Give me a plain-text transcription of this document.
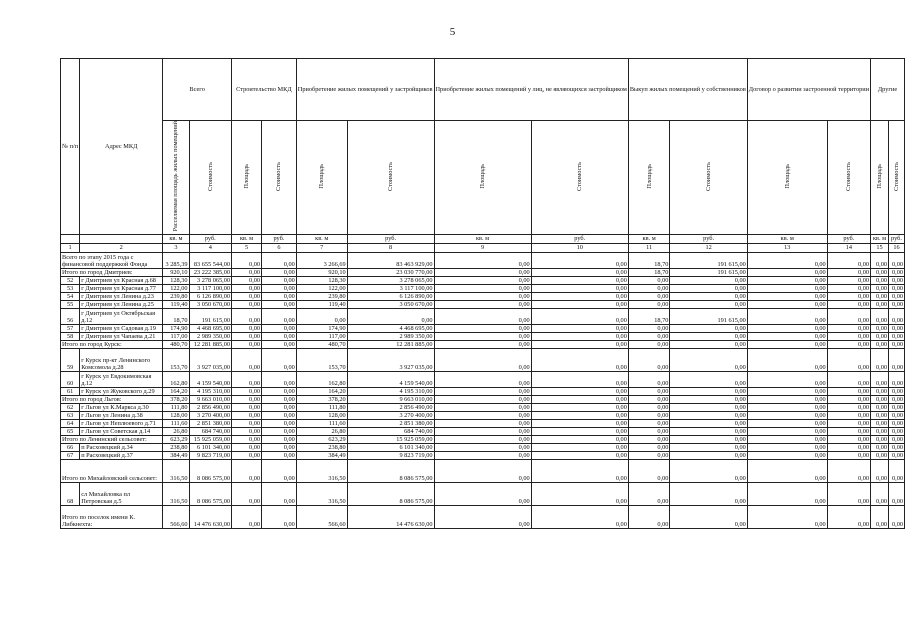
5
№ п/п	Адрес МКД	Всего		Строительство МКД		Приобретение жилых помещений у застройщиков		Приобретение жилых помещений у лиц, не являющихся застройщиком		Выкуп жилых помещений у собственников		Договор о развитии застроенной территории		Другие	
		Расселяемая площадь жилых помещений	Стоимость	Площадь	Стоимость	Площадь	Стоимость	Площадь	Стоимость	Площадь	Стоимость	Площадь	Стоимость	Площадь	Стоимость
		кв. м	руб.	кв. м	руб.	кв. м	руб.	кв. м	руб.	кв. м	руб.	кв. м	руб.	кв. м	руб.
1	2	3	4	5	6	7	8	9	10	11	12	13	14	15	16

Всего по этапу 2015 года с
финансовой поддержкой Фонда		3 285,39	83 655 544,00	0,00	0,00	3 266,69	83 463 929,00	0,00	0,00	18,70	191 615,00	0,00	0,00	0,00	0,00

Итого по город Дмитриев:		920,10	23 222 385,00	0,00	0,00	920,10	23 030 770,00	0,00	0,00	18,70	191 615,00	0,00	0,00	0,00	0,00
52	г Дмитриев ул Красная д.68	128,30	3 278 065,00	0,00	0,00	128,30	3 278 065,00	0,00	0,00	0,00	0,00	0,00	0,00	0,00	0,00
53	г Дмитриев ул Красная д.77	122,00	3 117 100,00	0,00	0,00	122,00	3 117 100,00	0,00	0,00	0,00	0,00	0,00	0,00	0,00	0,00
54	г Дмитриев ул Ленина д.23	239,80	6 126 890,00	0,00	0,00	239,80	6 126 890,00	0,00	0,00	0,00	0,00	0,00	0,00	0,00	0,00
55	г Дмитриев ул Ленина д.25	119,40	3 050 670,00	0,00	0,00	119,40	3 050 670,00	0,00	0,00	0,00	0,00	0,00	0,00	0,00	0,00
56	г Дмитриев ул Октябрьская
д.12	18,70	191 615,00	0,00	0,00	0,00	0,00	0,00	0,00	18,70	191 615,00	0,00	0,00	0,00	0,00
57	г Дмитриев ул Садовая д.19	174,90	4 468 695,00	0,00	0,00	174,90	4 468 695,00	0,00	0,00	0,00	0,00	0,00	0,00	0,00	0,00
58	г Дмитриев ул Чапаева д.21	117,00	2 989 350,00	0,00	0,00	117,00	2 989 350,00	0,00	0,00	0,00	0,00	0,00	0,00	0,00	0,00

Итого по город Курск:		480,70	12 281 885,00	0,00	0,00	480,70	12 281 885,00	0,00	0,00	0,00	0,00	0,00	0,00	0,00	0,00
59	г Курск пр-кт Ленинского
Комсомола д.28	153,70	3 927 035,00	0,00	0,00	153,70	3 927 035,00	0,00	0,00	0,00	0,00	0,00	0,00	0,00	0,00
60	г Курск ул Евдокимовская
д.12	162,80	4 159 540,00	0,00	0,00	162,80	4 159 540,00	0,00	0,00	0,00	0,00	0,00	0,00	0,00	0,00
61	г Курск ул Жуковского д.29	164,20	4 195 310,00	0,00	0,00	164,20	4 195 310,00	0,00	0,00	0,00	0,00	0,00	0,00	0,00	0,00

Итого по город Льгов:		378,20	9 663 010,00	0,00	0,00	378,20	9 663 010,00	0,00	0,00	0,00	0,00	0,00	0,00	0,00	0,00
62	г Льгов ул К.Маркса д.30	111,80	2 856 490,00	0,00	0,00	111,80	2 856 490,00	0,00	0,00	0,00	0,00	0,00	0,00	0,00	0,00
63	г Льгов ул Ленина д.38	128,00	3 270 400,00	0,00	0,00	128,00	3 270 400,00	0,00	0,00	0,00	0,00	0,00	0,00	0,00	0,00
64	г Льгов ул Неплюевого д.71	111,60	2 851 380,00	0,00	0,00	111,60	2 851 380,00	0,00	0,00	0,00	0,00	0,00	0,00	0,00	0,00
65	г Льгов ул Советская д.14	26,80	684 740,00	0,00	0,00	26,80	684 740,00	0,00	0,00	0,00	0,00	0,00	0,00	0,00	0,00

Итого по Ленинский сельсовет:		623,29	15 925 059,00	0,00	0,00	623,29	15 925 059,00	0,00	0,00	0,00	0,00	0,00	0,00	0,00	0,00
66	п Расховецкий д.34	238,80	6 101 340,00	0,00	0,00	238,80	6 101 340,00	0,00	0,00	0,00	0,00	0,00	0,00	0,00	0,00
67	п Расховецкий д.37	384,49	9 823 719,00	0,00	0,00	384,49	9 823 719,00	0,00	0,00	0,00	0,00	0,00	0,00	0,00	0,00

Итого по Михайловский сельсовет:		316,50	8 086 575,00	0,00	0,00	316,50	8 086 575,00	0,00	0,00	0,00	0,00	0,00	0,00	0,00	0,00
68	сл Михайловка пл
Петровская д.5	316,50	8 086 575,00	0,00	0,00	316,50	8 086 575,00	0,00	0,00	0,00	0,00	0,00	0,00	0,00	0,00

Итого по поселок имени К.
Либкнехта:		566,60	14 476 630,00	0,00	0,00	566,60	14 476 630,00	0,00	0,00	0,00	0,00	0,00	0,00	0,00	0,00
